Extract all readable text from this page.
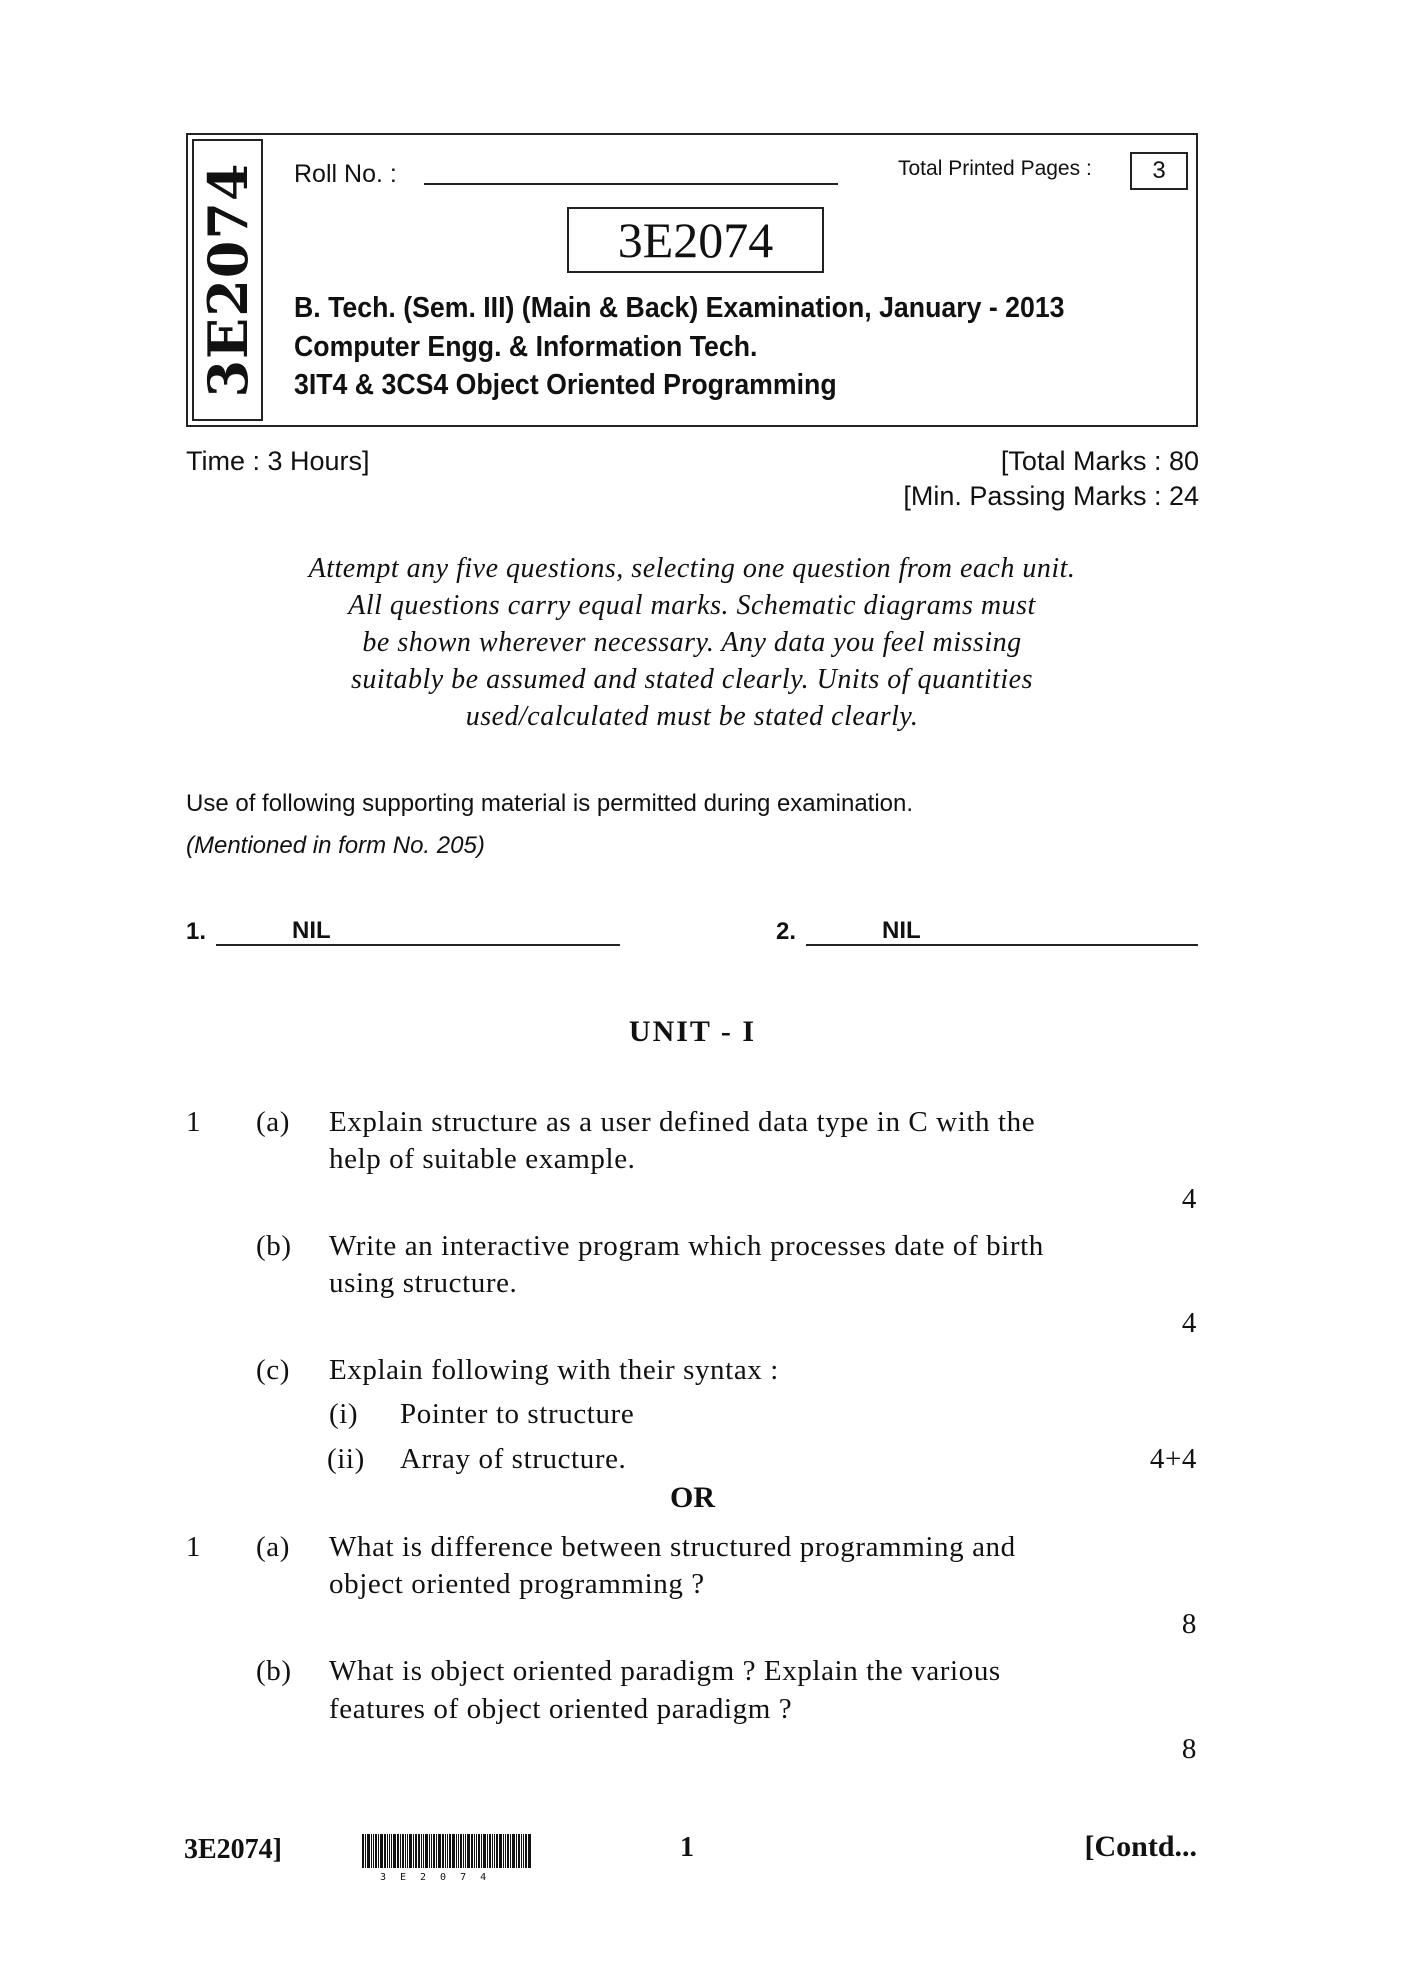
3E2074 Roll No. :	Total Printed Pages :	3
3E2074
B. Tech. (Sem. III) (Main & Back) Examination, January - 2013
Computer Engg. & Information Tech.
3IT4 & 3CS4 Object Oriented Programming
Time : 3 Hours]	[Total Marks : 80
[Min. Passing Marks : 24
Attempt any five questions, selecting one question from each unit.
All questions carry equal marks. Schematic diagrams must
be shown wherever necessary. Any data you feel missing
suitably be assumed and stated clearly. Units of quantities
used/calculated must be stated clearly.
Use of following supporting material is permitted during examination.
(Mentioned in form No. 205)
1.	NIL	2.	NIL
UNIT - I
1 (a) Explain structure as a user defined data type in C with the
help of suitable example.
4
(b) Write an interactive program which processes date of birth
using structure.
4
(c) Explain following with their syntax :
(i) Pointer to structure
(ii) Array of structure.	4+4
OR
1 (a) What is difference between structured programming and
object oriented programming ?
8
(b) What is object oriented paradigm ? Explain the various
features of object oriented paradigm ?
8
3E2074]
3E2074
1	[Contd...
